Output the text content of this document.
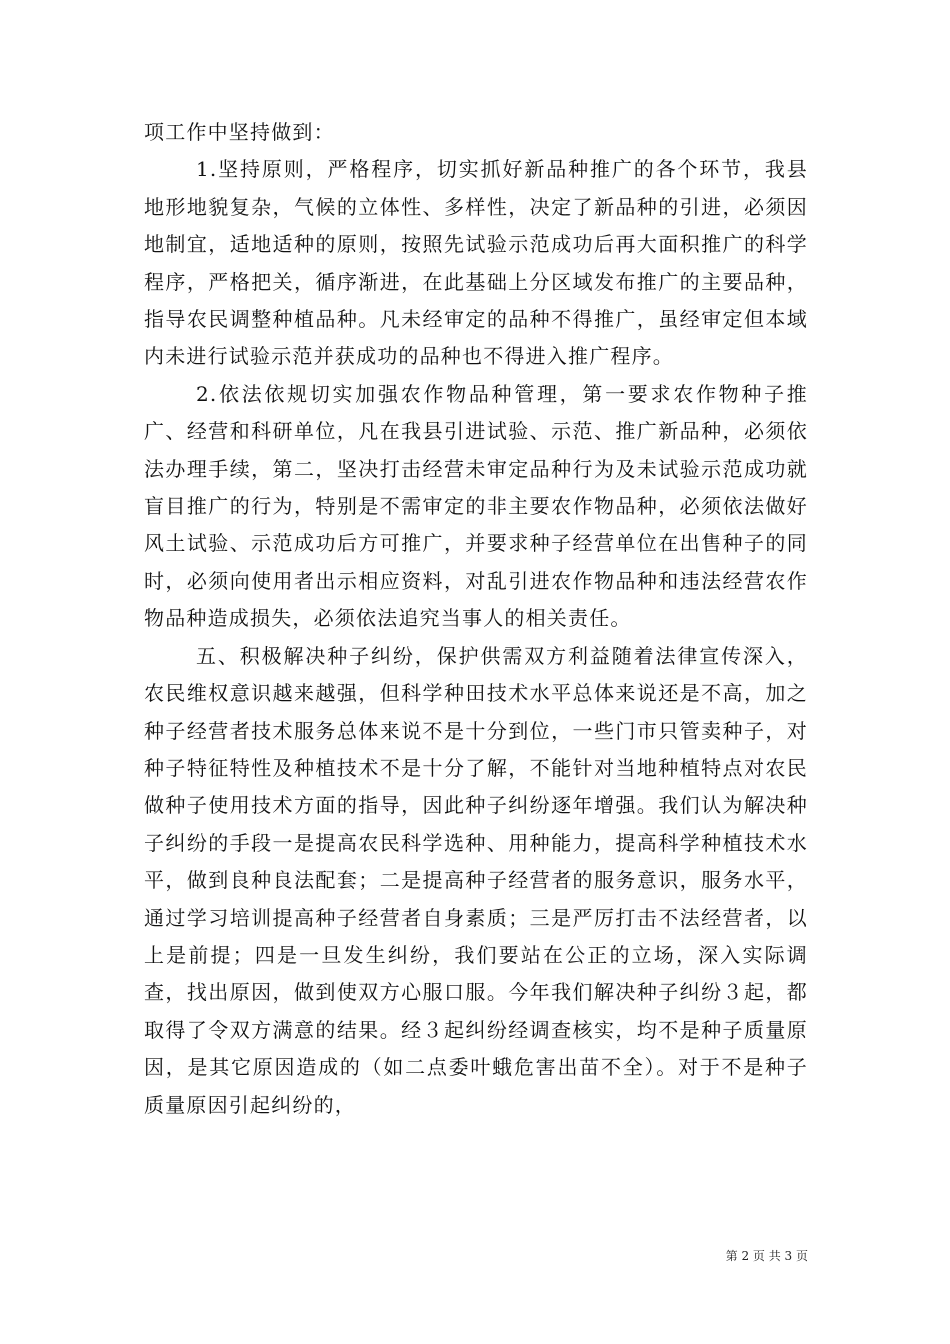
项工作中坚持做到：

1.坚持原则，严格程序，切实抓好新品种推广的各个环节，我县地形地貌复杂，气候的立体性、多样性，决定了新品种的引进，必须因地制宜，适地适种的原则，按照先试验示范成功后再大面积推广的科学程序，严格把关，循序渐进，在此基础上分区域发布推广的主要品种，指导农民调整种植品种。凡未经审定的品种不得推广，虽经审定但本域内未进行试验示范并获成功的品种也不得进入推广程序。

2.依法依规切实加强农作物品种管理，第一要求农作物种子推广、经营和科研单位，凡在我县引进试验、示范、推广新品种，必须依法办理手续，第二，坚决打击经营未审定品种行为及未试验示范成功就盲目推广的行为，特别是不需审定的非主要农作物品种，必须依法做好风土试验、示范成功后方可推广，并要求种子经营单位在出售种子的同时，必须向使用者出示相应资料，对乱引进农作物品种和违法经营农作物品种造成损失，必须依法追究当事人的相关责任。

五、积极解决种子纠纷，保护供需双方利益随着法律宣传深入，农民维权意识越来越强，但科学种田技术水平总体来说还是不高，加之种子经营者技术服务总体来说不是十分到位，一些门市只管卖种子，对种子特征特性及种植技术不是十分了解，不能针对当地种植特点对农民做种子使用技术方面的指导，因此种子纠纷逐年增强。我们认为解决种子纠纷的手段一是提高农民科学选种、用种能力，提高科学种植技术水平，做到良种良法配套；二是提高种子经营者的服务意识，服务水平，通过学习培训提高种子经营者自身素质；三是严厉打击不法经营者，以上是前提；四是一旦发生纠纷，我们要站在公正的立场，深入实际调查，找出原因，做到使双方心服口服。今年我们解决种子纠纷３起，都取得了令双方满意的结果。经３起纠纷经调查核实，均不是种子质量原因，是其它原因造成的（如二点委叶蛾危害出苗不全）。对于不是种子质量原因引起纠纷的，

第 2 页 共 3 页
